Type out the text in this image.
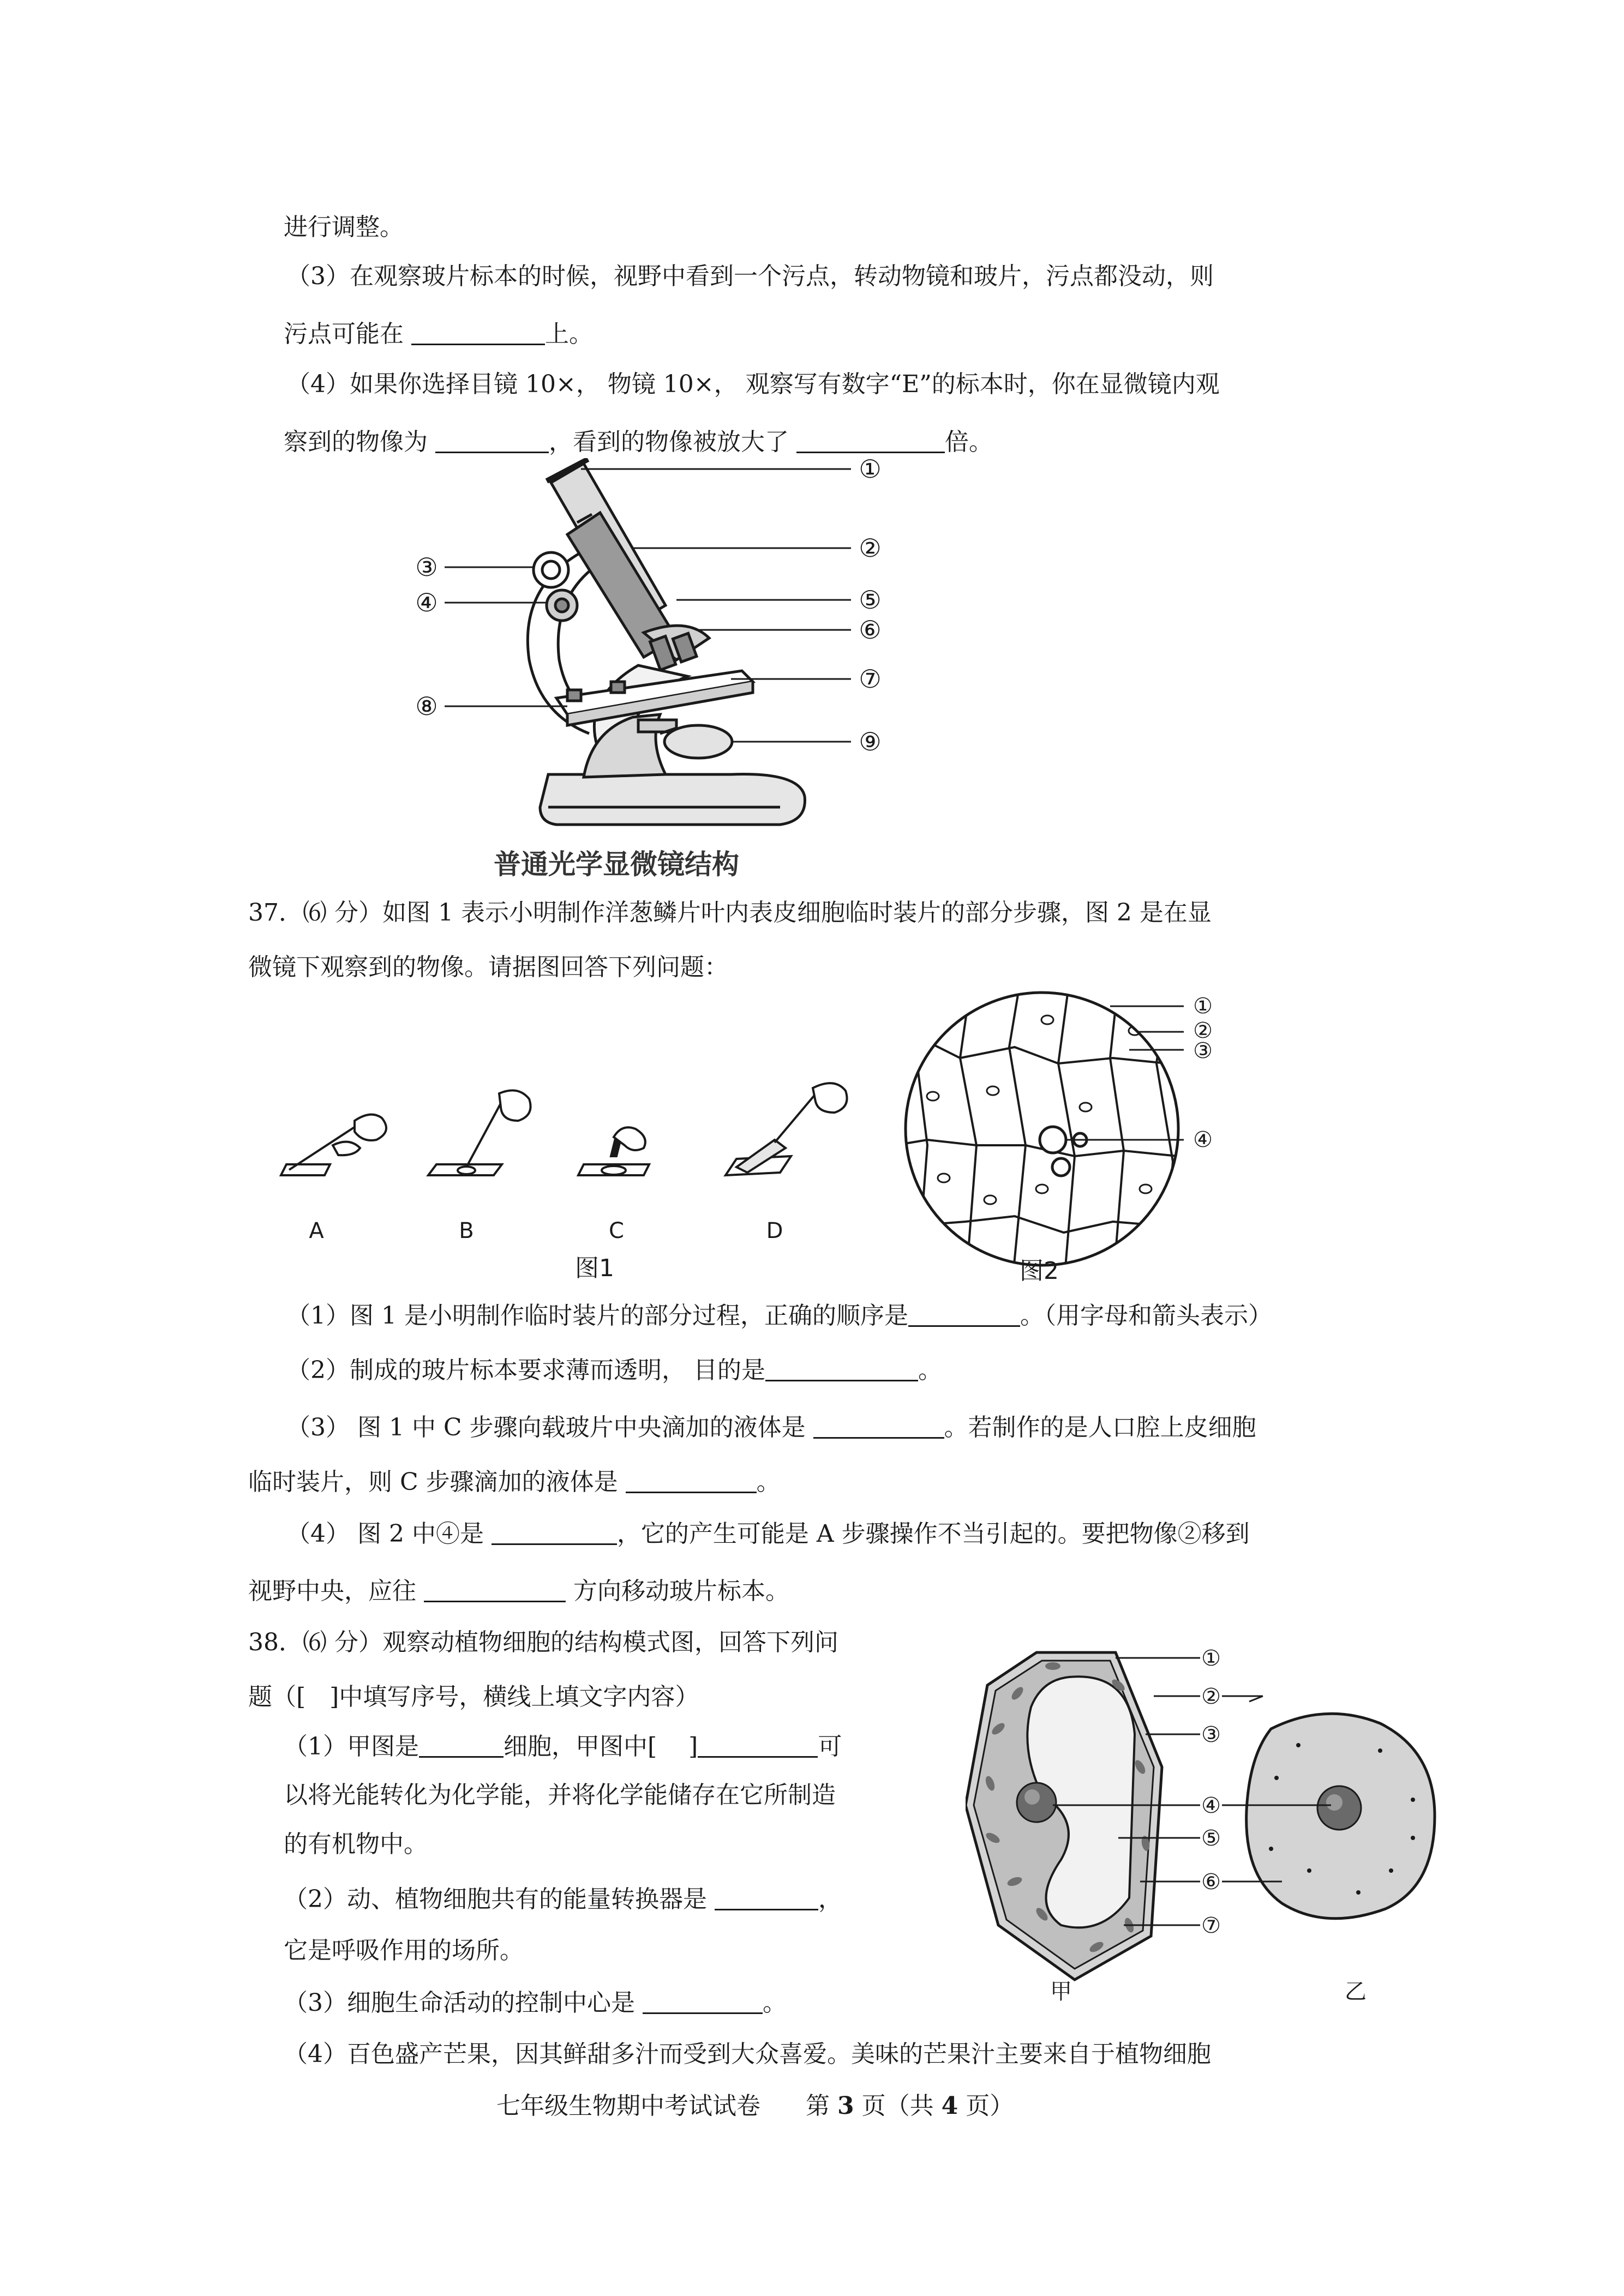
进行调整。
（3）在观察玻片标本的时候，视野中看到一个污点，转动物镜和玻片，污点都没动，则
污点可能在	上。
（4）如果你选择目镜 10×， 物镜 10×， 观察写有数字“E”的标本时，你在显微镜内观
察到的物像为	，看到的物像被放大了	倍。
①
②
③
④	⑤
⑥
⑦
⑧
⑨
普通光学显微镜结构
37．⑹ 分）如图 1 表示小明制作洋葱鳞片叶内表皮细胞临时装片的部分步骤，图 2 是在显
微镜下观察到的物像。请据图回答下列问题：
A	B	C	D
图1
①
②
③
④
图2
（1）图 1 是小明制作临时装片的部分过程，正确的顺序是	。（用字母和箭头表示）
（2）制成的玻片标本要求薄而透明， 目的是	。
（3） 图 1 中 C 步骤向载玻片中央滴加的液体是	。若制作的是人口腔上皮细胞
临时装片，则 C 步骤滴加的液体是	。
（4） 图 2 中④是	，它的产生可能是 A 步骤操作不当引起的。要把物像②移到
视野中央，应往	方向移动玻片标本。
38．⑹ 分）观察动植物细胞的结构模式图，回答下列问
题（[　]中填写序号，横线上填文字内容）
（1）甲图是	细胞，甲图中[　 ]	可
以将光能转化为化学能，并将化学能储存在它所制造
的有机物中。
（2）动、植物细胞共有的能量转换器是	，
它是呼吸作用的场所。
（3）细胞生命活动的控制中心是	。
（4）百色盛产芒果，因其鲜甜多汁而受到大众喜爱。美味的芒果汁主要来自于植物细胞
①
②
③
④
⑤
⑥
⑦
甲	乙
七年级生物期中考试试卷 第 3 页（共 4 页）
